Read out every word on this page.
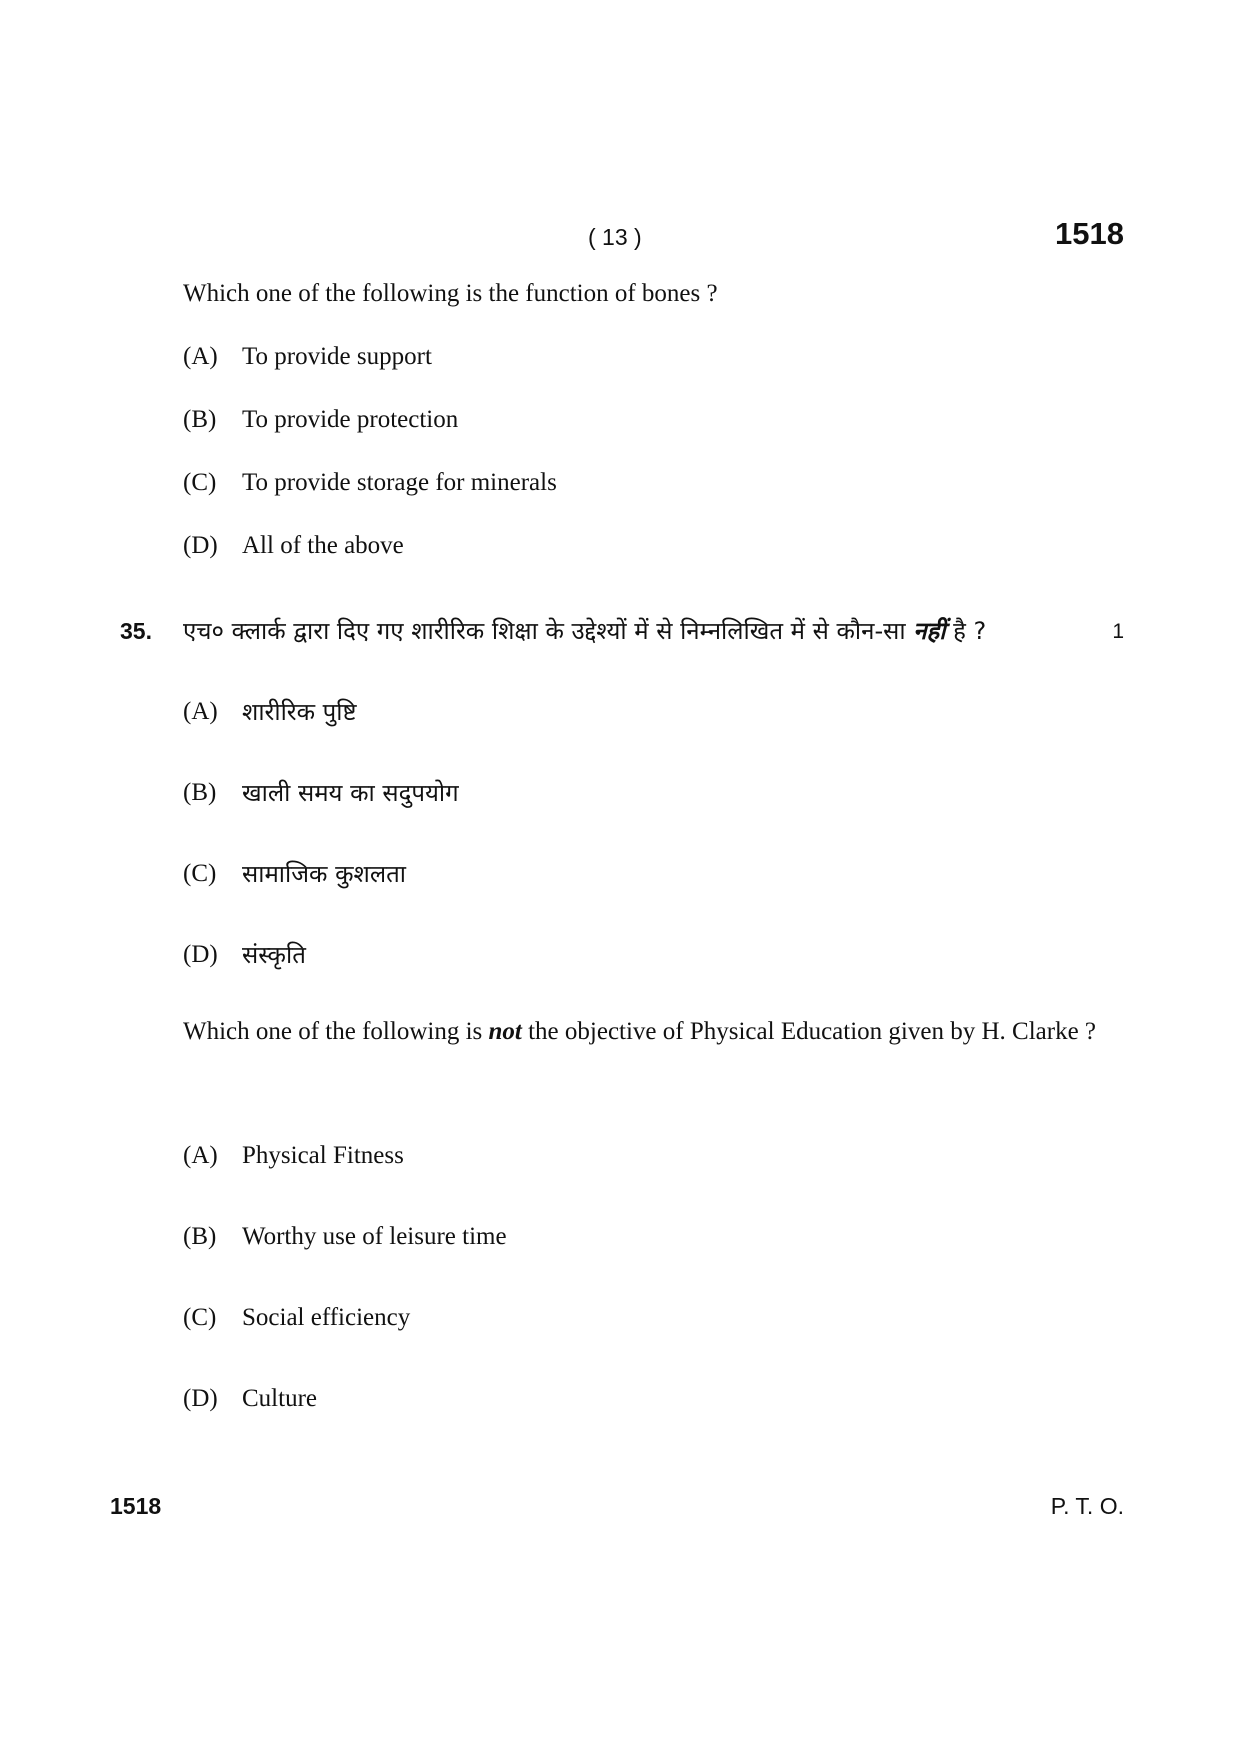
( 13 )	1518
Which one of the following is the function of bones ?
(A) To provide support
(B) To provide protection
(C) To provide storage for minerals
(D) All of the above
35. एच० क्लार्क द्वारा दिए गए शारीरिक शिक्षा के उद्देश्यों में से निम्नलिखित में से कौन-सा नहीं है ?	1
(A) शारीरिक पुष्टि
(B) खाली समय का सदुपयोग
(C) सामाजिक कुशलता
(D) संस्कृति
Which one of the following is not the objective of Physical Education given by H. Clarke ?
(A) Physical Fitness
(B) Worthy use of leisure time
(C) Social efficiency
(D) Culture
1518	P. T. O.
